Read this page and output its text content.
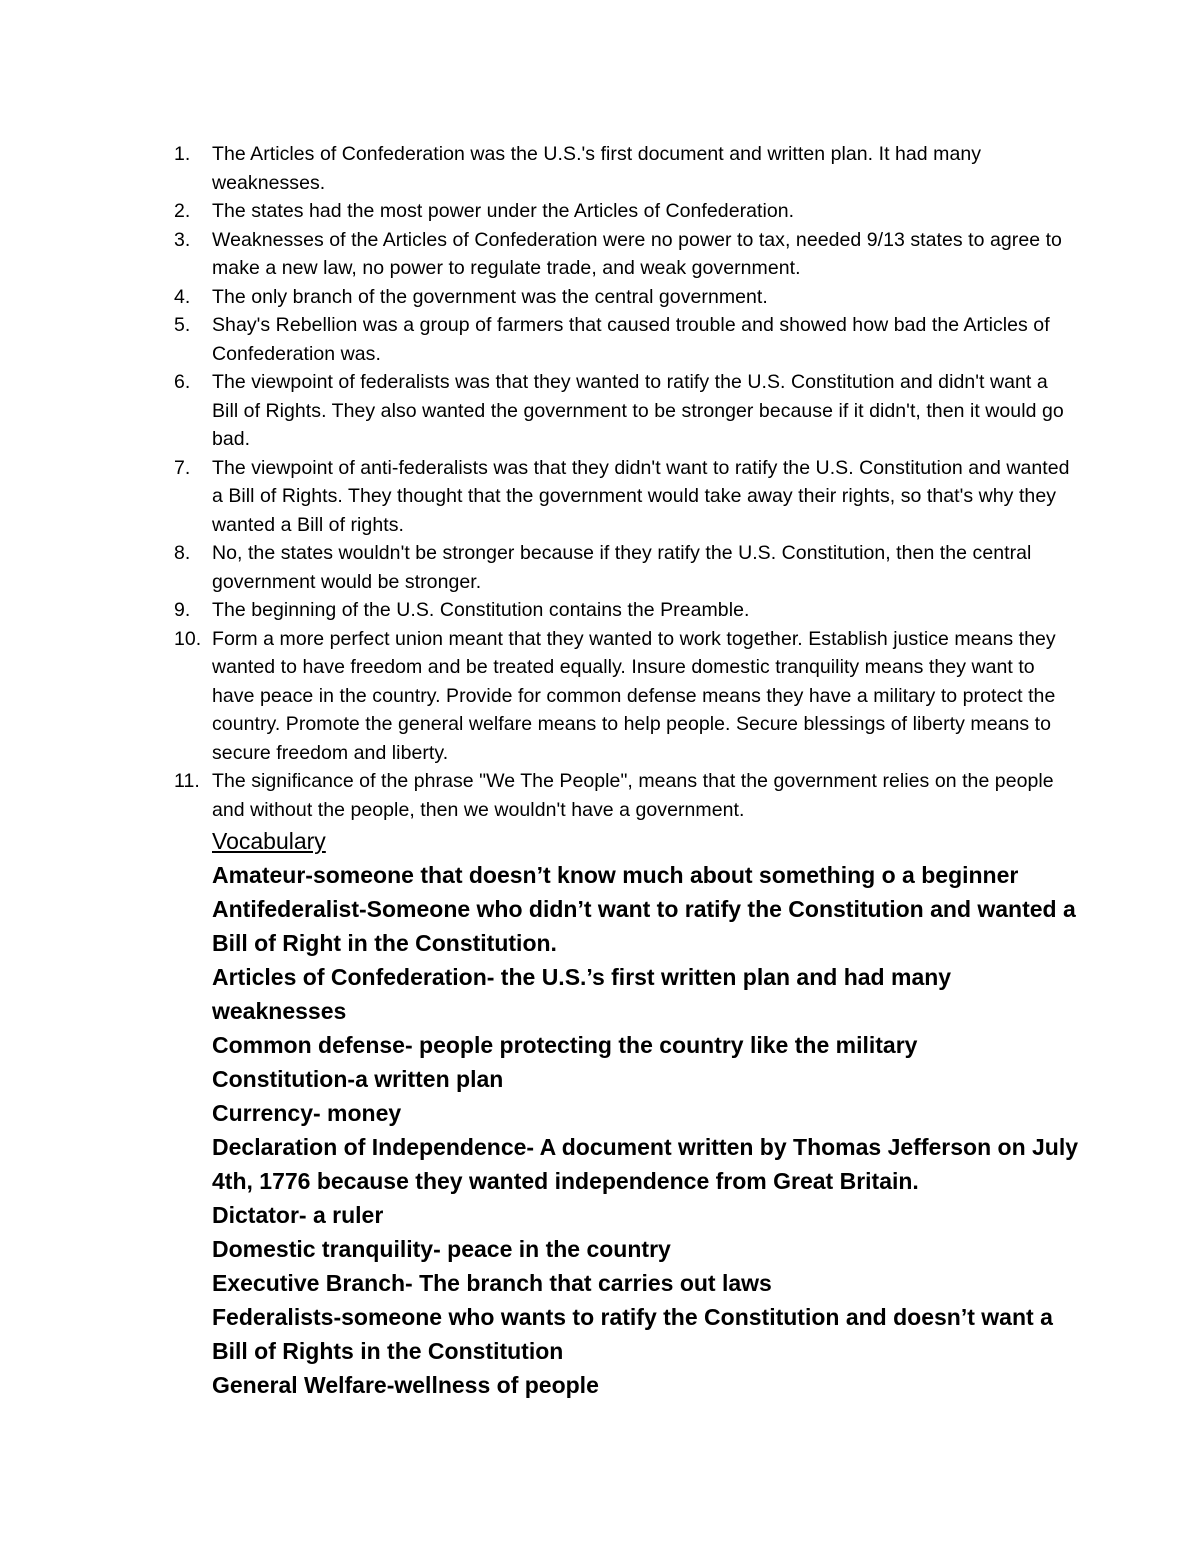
1. The Articles of Confederation was the U.S.'s first document and written plan. It had many weaknesses.
2. The states had the most power under the Articles of Confederation.
3. Weaknesses of the Articles of Confederation were no power to tax, needed 9/13 states to agree to make a new law, no power to regulate trade, and weak government.
4. The only branch of the government was the central government.
5. Shay's Rebellion was a group of farmers that caused trouble and showed how bad the Articles of Confederation was.
6. The viewpoint of federalists was that they wanted to ratify the U.S. Constitution and didn't want a Bill of Rights. They also wanted the government to be stronger because if it didn't, then it would go bad.
7. The viewpoint of anti-federalists was that they didn't want to ratify the U.S. Constitution and wanted a Bill of Rights. They thought that the government would take away their rights, so that's why they wanted a Bill of rights.
8. No, the states wouldn't be stronger because if they ratify the U.S. Constitution, then the central government would be stronger.
9. The beginning of the U.S. Constitution contains the Preamble.
10. Form a more perfect union meant that they wanted to work together. Establish justice means they wanted to have freedom and be treated equally. Insure domestic tranquility means they want to have peace in the country. Provide for common defense means they have a military to protect the country. Promote the general welfare means to help people. Secure blessings of liberty means to secure freedom and liberty.
11. The significance of the phrase "We The People", means that the government relies on the people and without the people, then we wouldn't have a government.
Vocabulary
Amateur-someone that doesn’t know much about something o a beginner
Antifederalist-Someone who didn’t want to ratify the Constitution and wanted a Bill of Right in the Constitution.
Articles of Confederation- the U.S.’s first written plan and had many weaknesses
Common defense- people protecting the country like the military
Constitution-a written plan
Currency- money
Declaration of Independence- A document written by Thomas Jefferson on July 4th, 1776 because they wanted independence from Great Britain.
Dictator- a ruler
Domestic tranquility- peace in the country
Executive Branch- The branch that carries out laws
Federalists-someone who wants to ratify the Constitution and doesn’t want a Bill of Rights in the Constitution
General Welfare-wellness of people
